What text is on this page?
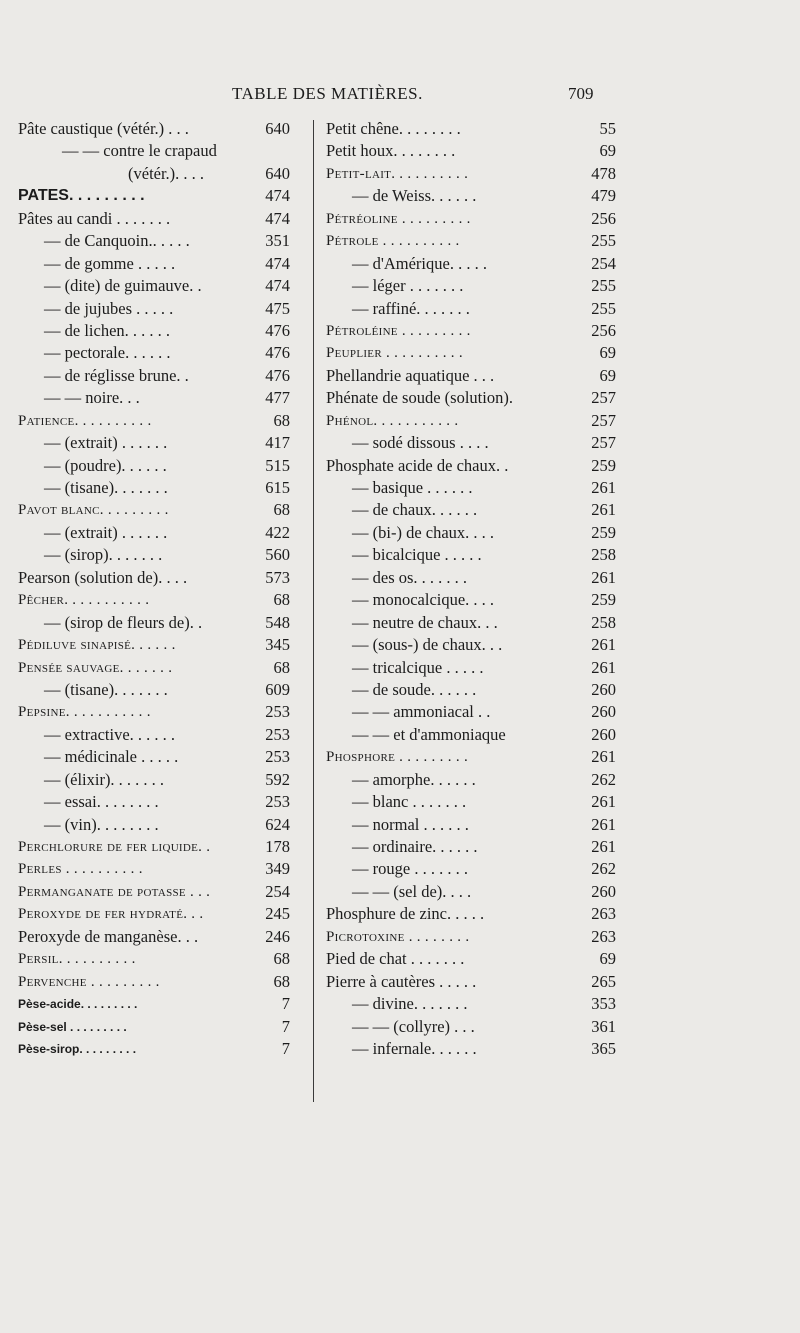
TABLE DES MATIÈRES.	709
Pâte caustique (vétér.) . . .	640
— — contre le crapaud
(vétér.). . . .	640
PATES. . . . . . . . .	474
Pâtes au candi . . . . . . .	474
— de Canquoin.. . . . .	351
— de gomme . . . . .	474
— (dite) de guimauve. .	474
— de jujubes . . . . .	475
— de lichen. . . . . .	476
— pectorale. . . . . .	476
— de réglisse brune. .	476
— — noire. . .	477
Patience. . . . . . . . . .	68
— (extrait) . . . . . .	417
— (poudre). . . . . .	515
— (tisane). . . . . . .	615
Pavot blanc. . . . . . . . .	68
— (extrait) . . . . . .	422
— (sirop). . . . . . .	560
Pearson (solution de). . . .	573
Pêcher. . . . . . . . . . .	68
— (sirop de fleurs de). .	548
Pédiluve sinapisé. . . . . .	345
Pensée sauvage. . . . . . .	68
— (tisane). . . . . . .	609
Pepsine. . . . . . . . . . .	253
— extractive. . . . . .	253
— médicinale . . . . .	253
— (élixir). . . . . . .	592
— essai. . . . . . . .	253
— (vin). . . . . . . .	624
Perchlorure de fer liquide. .	178
Perles . . . . . . . . . .	349
Permanganate de potasse . . .	254
Peroxyde de fer hydraté. . .	245
Peroxyde de manganèse. . .	246
Persil. . . . . . . . . .	68
Pervenche . . . . . . . . .	68
Pèse-acide. . . . . . . . .	7
Pèse-sel . . . . . . . . .	7
Pèse-sirop. . . . . . . . .	7
Petit chêne. . . . . . . .	55
Petit houx. . . . . . . .	69
Petit-lait. . . . . . . . . .	478
— de Weiss. . . . . .	479
Pétréoline . . . . . . . . .	256
Pétrole . . . . . . . . . .	255
— d'Amérique. . . . .	254
— léger . . . . . . .	255
— raffiné. . . . . . .	255
Pétroléine . . . . . . . . .	256
Peuplier . . . . . . . . . .	69
Phellandrie aquatique . . .	69
Phénate de soude (solution).	257
Phénol. . . . . . . . . . .	257
— sodé dissous . . . .	257
Phosphate acide de chaux. .	259
— basique . . . . . .	261
— de chaux. . . . . .	261
— (bi-) de chaux. . . .	259
— bicalcique . . . . .	258
— des os. . . . . . .	261
— monocalcique. . . .	259
— neutre de chaux. . .	258
— (sous-) de chaux. . .	261
— tricalcique . . . . .	261
— de soude. . . . . .	260
— — ammoniacal . .	260
— — et d'ammoniaque	260
Phosphore . . . . . . . . .	261
— amorphe. . . . . .	262
— blanc . . . . . . .	261
— normal . . . . . .	261
— ordinaire. . . . . .	261
— rouge . . . . . . .	262
— — (sel de). . . .	260
Phosphure de zinc. . . . .	263
Picrotoxine . . . . . . . .	263
Pied de chat . . . . . . .	69
Pierre à cautères . . . . .	265
— divine. . . . . . .	353
— — (collyre) . . .	361
— infernale. . . . . .	365
